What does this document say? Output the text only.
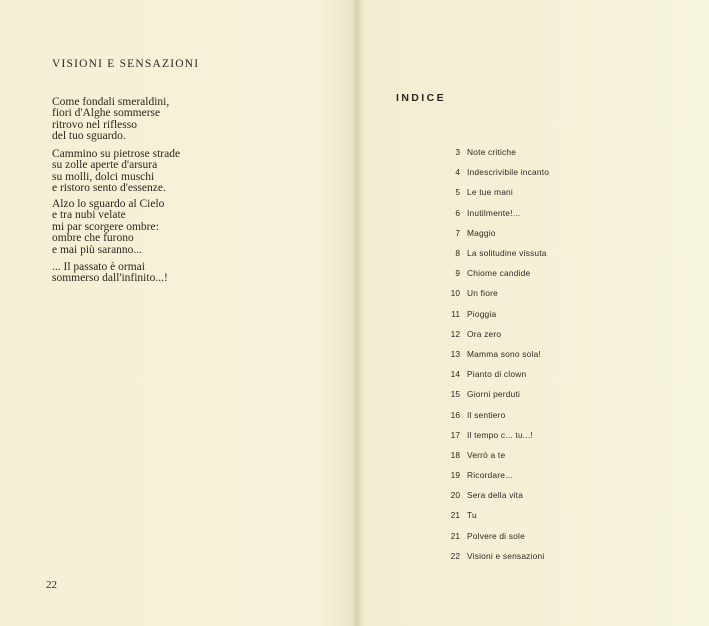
VISIONI E SENSAZIONI
Come fondali smeraldini,
fiori d'Alghe sommerse
ritrovo nel riflesso
del tuo sguardo.
Cammino su pietrose strade
su zolle aperte d'arsura
su molli, dolci muschi
e ristoro sento d'essenze.
Alzo lo sguardo al Cielo
e tra nubi velate
mi par scorgere ombre:
ombre che furono
e mai più saranno...
... Il passato è ormai
sommerso dall'infinito...!
22
INDICE
3 Note critiche
4 Indescrivibile incanto
5 Le tue mani
6 Inutilmente!...
7 Maggio
8 La solitudine vissuta
9 Chiome candide
10 Un fiore
11 Pioggia
12 Ora zero
13 Mamma sono sola!
14 Pianto di clown
15 Giorni perduti
16 Il sentiero
17 Il tempo c... tu...!
18 Verrò a te
19 Ricordare...
20 Sera della vita
21 Tu
21 Polvere di sole
22 Visioni e sensazioni
